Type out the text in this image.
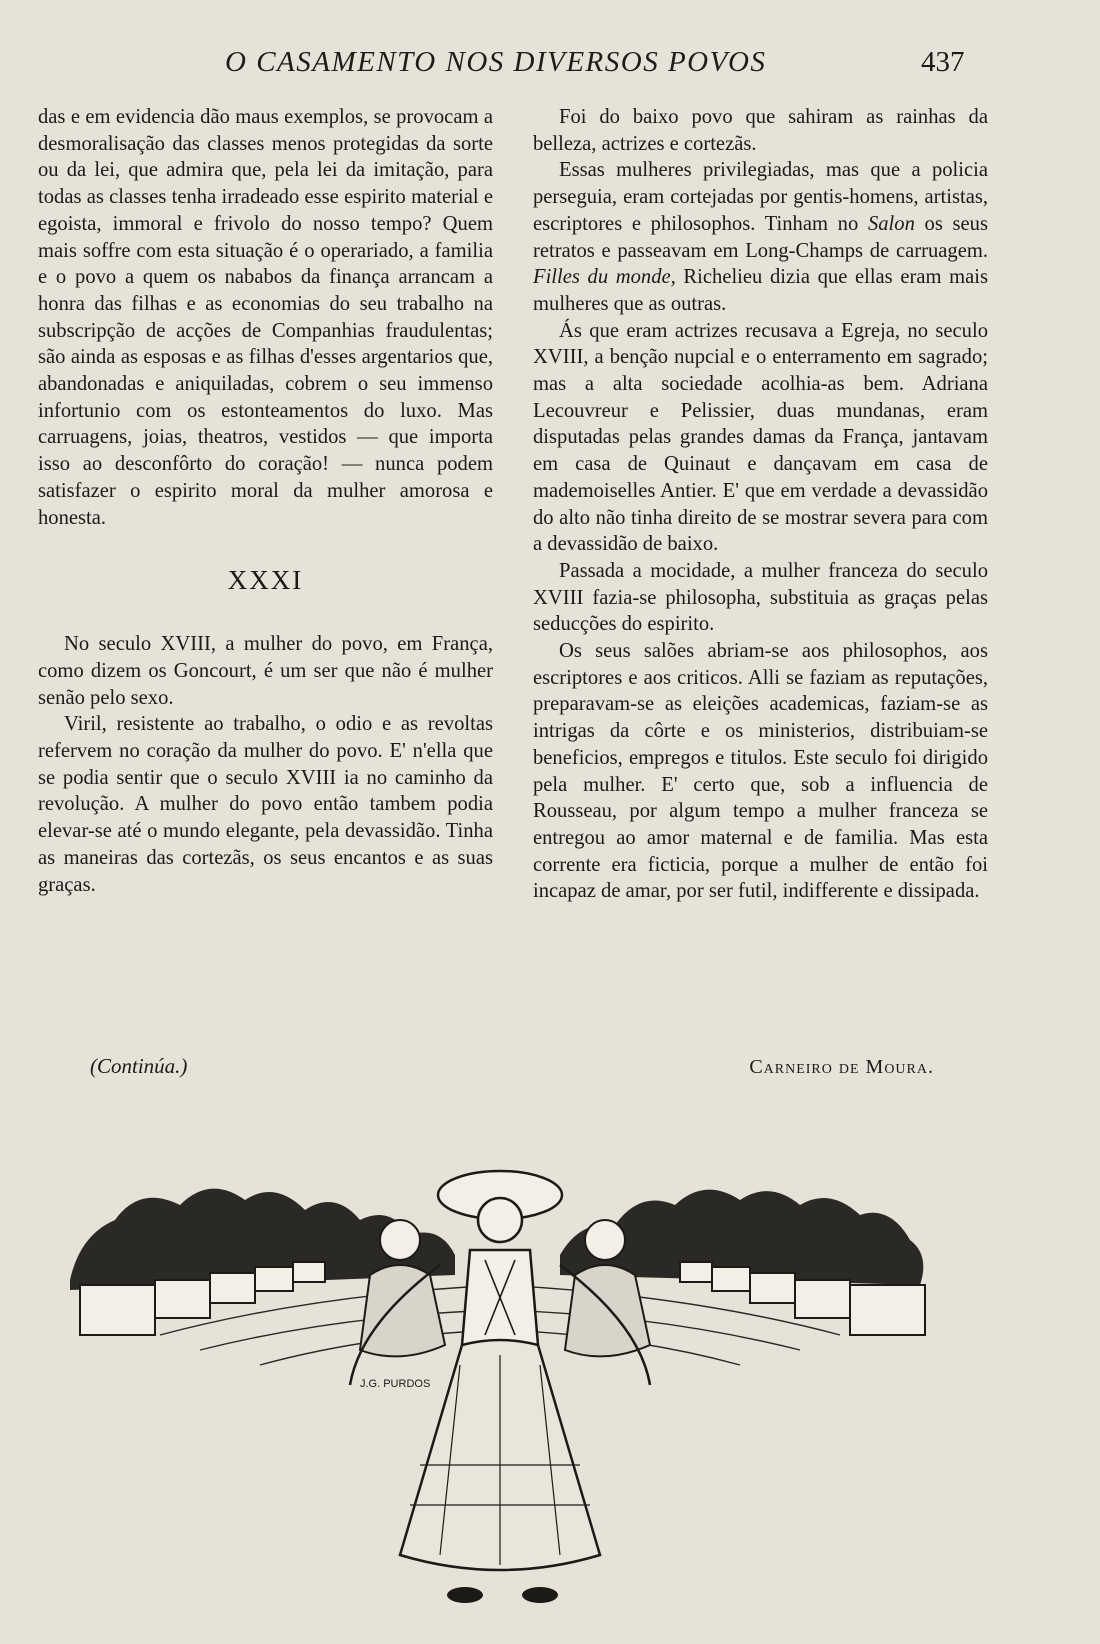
O CASAMENTO NOS DIVERSOS POVOS	437

das e em evidencia dão maus exemplos, se provocam a desmoralisação das classes menos protegidas da sorte ou da lei, que admira que, pela lei da imitação, para todas as classes tenha irradeado esse espirito material e egoista, immoral e frivolo do nosso tempo? Quem mais soffre com esta situação é o operariado, a familia e o povo a quem os nababos da finança arrancam a honra das filhas e as economias do seu trabalho na subscripção de acções de Companhias fraudulentas; são ainda as esposas e as filhas d'esses argentarios que, abandonadas e aniquiladas, cobrem o seu immenso infortunio com os estonteamentos do luxo. Mas carruagens, joias, theatros, vestidos — que importa isso ao desconfôrto do coração! — nunca podem satisfazer o espirito moral da mulher amorosa e honesta.

XXXI

No seculo XVIII, a mulher do povo, em França, como dizem os Goncourt, é um ser que não é mulher senão pelo sexo.

Viril, resistente ao trabalho, o odio e as revoltas refervem no coração da mulher do povo. E' n'ella que se podia sentir que o seculo XVIII ia no caminho da revolução. A mulher do povo então tambem podia elevar-se até o mundo elegante, pela devassidão. Tinha as maneiras das cortezãs, os seus encantos e as suas graças.

Foi do baixo povo que sahiram as rainhas da belleza, actrizes e cortezãs.

Essas mulheres privilegiadas, mas que a policia perseguia, eram cortejadas por gentis-homens, artistas, escriptores e philosophos. Tinham no Salon os seus retratos e passeavam em Long-Champs de carruagem. Filles du monde, Richelieu dizia que ellas eram mais mulheres que as outras.

Ás que eram actrizes recusava a Egreja, no seculo XVIII, a benção nupcial e o enterramento em sagrado; mas a alta sociedade acolhia-as bem. Adriana Lecouvreur e Pelissier, duas mundanas, eram disputadas pelas grandes damas da França, jantavam em casa de Quinaut e dançavam em casa de mademoiselles Antier. E' que em verdade a devassidão do alto não tinha direito de se mostrar severa para com a devassidão de baixo.

Passada a mocidade, a mulher franceza do seculo XVIII fazia-se philosopha, substituia as graças pelas seducções do espirito.

Os seus salões abriam-se aos philosophos, aos escriptores e aos criticos. Alli se faziam as reputações, preparavam-se as eleições academicas, faziam-se as intrigas da côrte e os ministerios, distribuiam-se beneficios, empregos e titulos. Este seculo foi dirigido pela mulher. E' certo que, sob a influencia de Rousseau, por algum tempo a mulher franceza se entregou ao amor maternal e de familia. Mas esta corrente era ficticia, porque a mulher de então foi incapaz de amar, por ser futil, indifferente e dissipada.

(Continúa.)	Carneiro de Moura.
J.G. PURDOS
